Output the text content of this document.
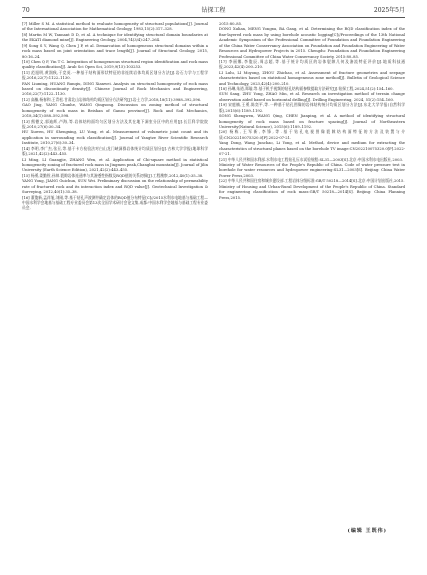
70	钻探工程	2025年5月
[7] Miller S M. A statistical method to evaluate homogeneity of structural populations[J]. Journal of the International Association for Mathematical Geology, 1983,15(2):317–328.
[8] Martin M W, Tannant D D, et al. A technique for identifying structural domain boundaries at the EKATI diamond mine[J]. Engineering Geology, 2004,74(3/4):247–264.
[9] Song S Y, Wang Q, Chen J P, et al. Demarcation of homogeneous structural domains within a rock mass based on joint orientation and trace length[J]. Journal of Structural Geology, 2015, 80:16–24.
[10] Chen Q F, Yin T C. Integration of homogeneous structural region identification and rock mass quality classification[J]. Arab Sci Open Sci, 2019,9(15):103253.
[11] 范旭明,黄润秋,于竞英.一种基于结构面形状特征的非连续岩体均质区划分方法[J].岩石力学与工程学报,2016,22(7):1122–1130.
FAN Liuming, HUANG Runqiu, DING Xianwei. Analysis on structural homogeneity of rock mass based on discontinuity density[J]. Chinese Journal of Rock Mechanics and Engineering, 2016,22(7):1122–1130.
[12] 高楠,杨春和,王青松.甘肃北山岩体结构均质区划分方法研究[J].岩土力学,2018,18(11):3988–392,596.
GAO Jing, YANG Chunhe, WANG Qingsong. Discussion on zoning method of structural homogeneity of rock mass in Beishan of Gansu province[J]. Rock and Soil Mechanics, 2018,34(1):588–592,598.
[13] 熊德文,郭迪辉,卢海,等.岩体结构面均匀区划分方法及其在地下洞室分区中的应用[J].长江科学院院报,2010,27(6):30–34.
HU Xuwen, HU Shengxing, LU Yong, et al. Measurement of volumetric joint count and its application in surrounding rock classification[J]. Journal of Yangtze River Scientific Research Institute, 2010,27(6):30–34.
[14] 李明,李广杰,张丑,等.基于卡方检验法对白山龙门峡洞群岩体统计均质区划分[J].吉林大学学报(地球科学版),2021,42(2):443–455.
LI Ming, LI Guangjie, ZHANG Wen, et al. Application of Chi-square method in statistical homogeneity zoning of fractured rock mass in Jingmen peak,Changbai mountain[J]. Journal of Jilin University (Earth Science Edition), 2021,42(2):443–455.
[15] 杨勇,姜勤俭,孙帅.裂隙岩体连通率与其渗透性指数及RQD值的关系初探[J].工程勘察,2012,40(1):35–38.
YANG Yong, JIANG Guichun, SUN Wei. Preliminary discussion on the relationship of permeability rate of fractured rock and its interaction index and RQD value[J]. Geotechnical Investigation & Surveying, 2012,40(1):35–38.
[16] 董俊新,孟祥旭,刘刚,等.基于钻孔声波测井确定岩体的RQD值分布特征[C]//2015水利水电地基与基础工程—中国水利学会地基与基础工程专业委员会第13次全国学术研讨会论文集.成都:中国水利学会地基与基础工程专业委员会,
2015:80–85.
DONG Xulian, MENG Yongxu, BA Gang, et al. Determining the RQD classification index of the fine-layered rock mass by using borehole acoustic logging[C]//Proceedings of the 13th National Academic Symposium of the Professional Committee of Foundation and Foundation Engineering of the China Water Conservancy Association on Foundation and Foundation Engineering of Water Resources and Hydropower Projects in 2015. Chengdu: Foundation and Foundation Engineering Professional Committee of China Water Conservancy Society, 2015:80–85.
[17] 李丽娜,李俊辰,周志超,等.基于统计均质区的岩体裂隙几何及渗流特征评价[J].地质科技通报,2023,42(4):200–210.
LI Lulu, LI Moyong, ZHOU Zhichao, et al. Assessment of fracture geometries and seepage characteristics based on statistical homogeneous zone method[J]. Bulletin of Geological Science and Technology, 2023,42(4):200–210.
[18] 孙琳,朱道,郑瑜,等.基于机手视频的钻孔结构面参数提取方法研究[J].钻探工程,2024,51(2):154–160.
SUN Sang, ZHU Yong, ZHAO Min, et al. Research on investigation method of terrain change observation aided based on horizontal drilling[J]. Drilling Engineering, 2024, 51(2):154–160.
[19] 宋庭楠,王勇,陈奕平,等.一种基于钻孔图像的岩体结构统计均质区划分方法[J].东北大学学报(自然科学版),2015(6):1189–1192.
SONG Shengwen, WANG Qing, CHEN Jianping, et al. A method of identifying structural homogeneity of rock mass based on fracture spacing[J]. Journal of Northeastern University(Natural Science), 2015(6):1189–1192.
[20] 杨栋,王军新,李锋,等.基于钻孔电视图像裂隙结构面特征的方法及装置与介质:CN202210075320.0[P].2022-07-21.
Yang Dong, Wang Junchao, Li Yong, et al. Method, device and medium for extracting the characteristics of structural planes based on the borehole TV image:CN202210075320.0[P].2022-07-21.
[21] 中华人民共和国水利部.水利水电工程钻孔压水试验规程:SL31—2003[S].北京:中国水利水电出版社,2003.
Ministry of Water Resources of the People's Republic of China. Code of water pressure test in borehole for water resources and hydropower engineering:SL31—2003[S]. Beijing: China Water Power Press,2003.
[22] 中华人民共和国住房和城乡建设部.工程岩体分级标准:GB/T 50218—2014[S].北京:中国计划出版社,2015.
Ministry of Housing and Urban-Rural Development of the People's Republic of China. Standard for engineering classification of rock mass:GB/T 50218—2014[S]. Beijing: China Planning Press,2015.
(编辑 王既伟)
